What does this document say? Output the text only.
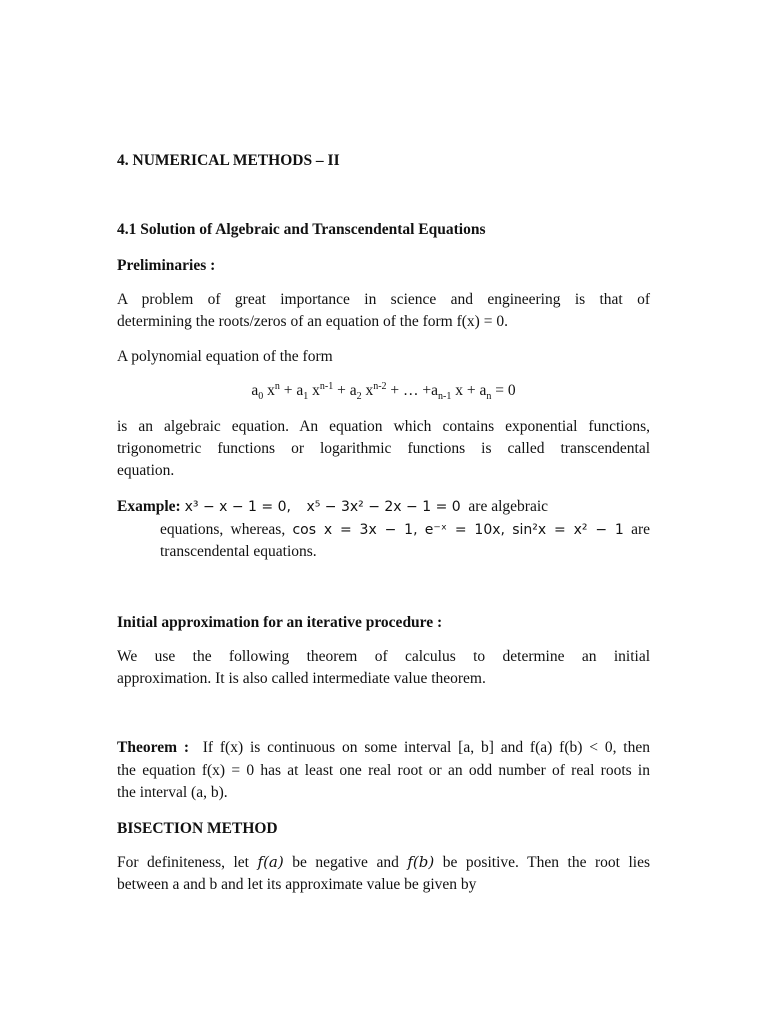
4. NUMERICAL METHODS – II
4.1 Solution of Algebraic and Transcendental Equations
Preliminaries :
A problem of great importance in science and engineering is that of
determining the roots/zeros of an equation of the form f(x) = 0.
A polynomial equation of the form
$a_0$ $x^n + a_1$ $x^{n-1} + a_2$ $x^{n-2}$ + … $+a_{n-1}$ $x + a_n = 0$
is an algebraic equation. An equation which contains exponential functions,
trigonometric functions or logarithmic functions is called transcendental
equation.
Example: x³ − x − 1 = 0, x⁵ − 3x² − 2x − 1 = 0 are algebraic
equations, whereas, cos x = 3x − 1, e⁻ˣ = 10x, sin²x = x² − 1 are
transcendental equations.
Initial approximation for an iterative procedure :
We use the following theorem of calculus to determine an initial
approximation. It is also called intermediate value theorem.
Theorem : If f(x) is continuous on some interval [a, b] and f(a) f(b) < 0, then
the equation f(x) = 0 has at least one real root or an odd number of real roots in
the interval (a, b).
BISECTION METHOD
For definiteness, let f(a) be negative and f(b) be positive. Then the root lies
between a and b and let its approximate value be given by
